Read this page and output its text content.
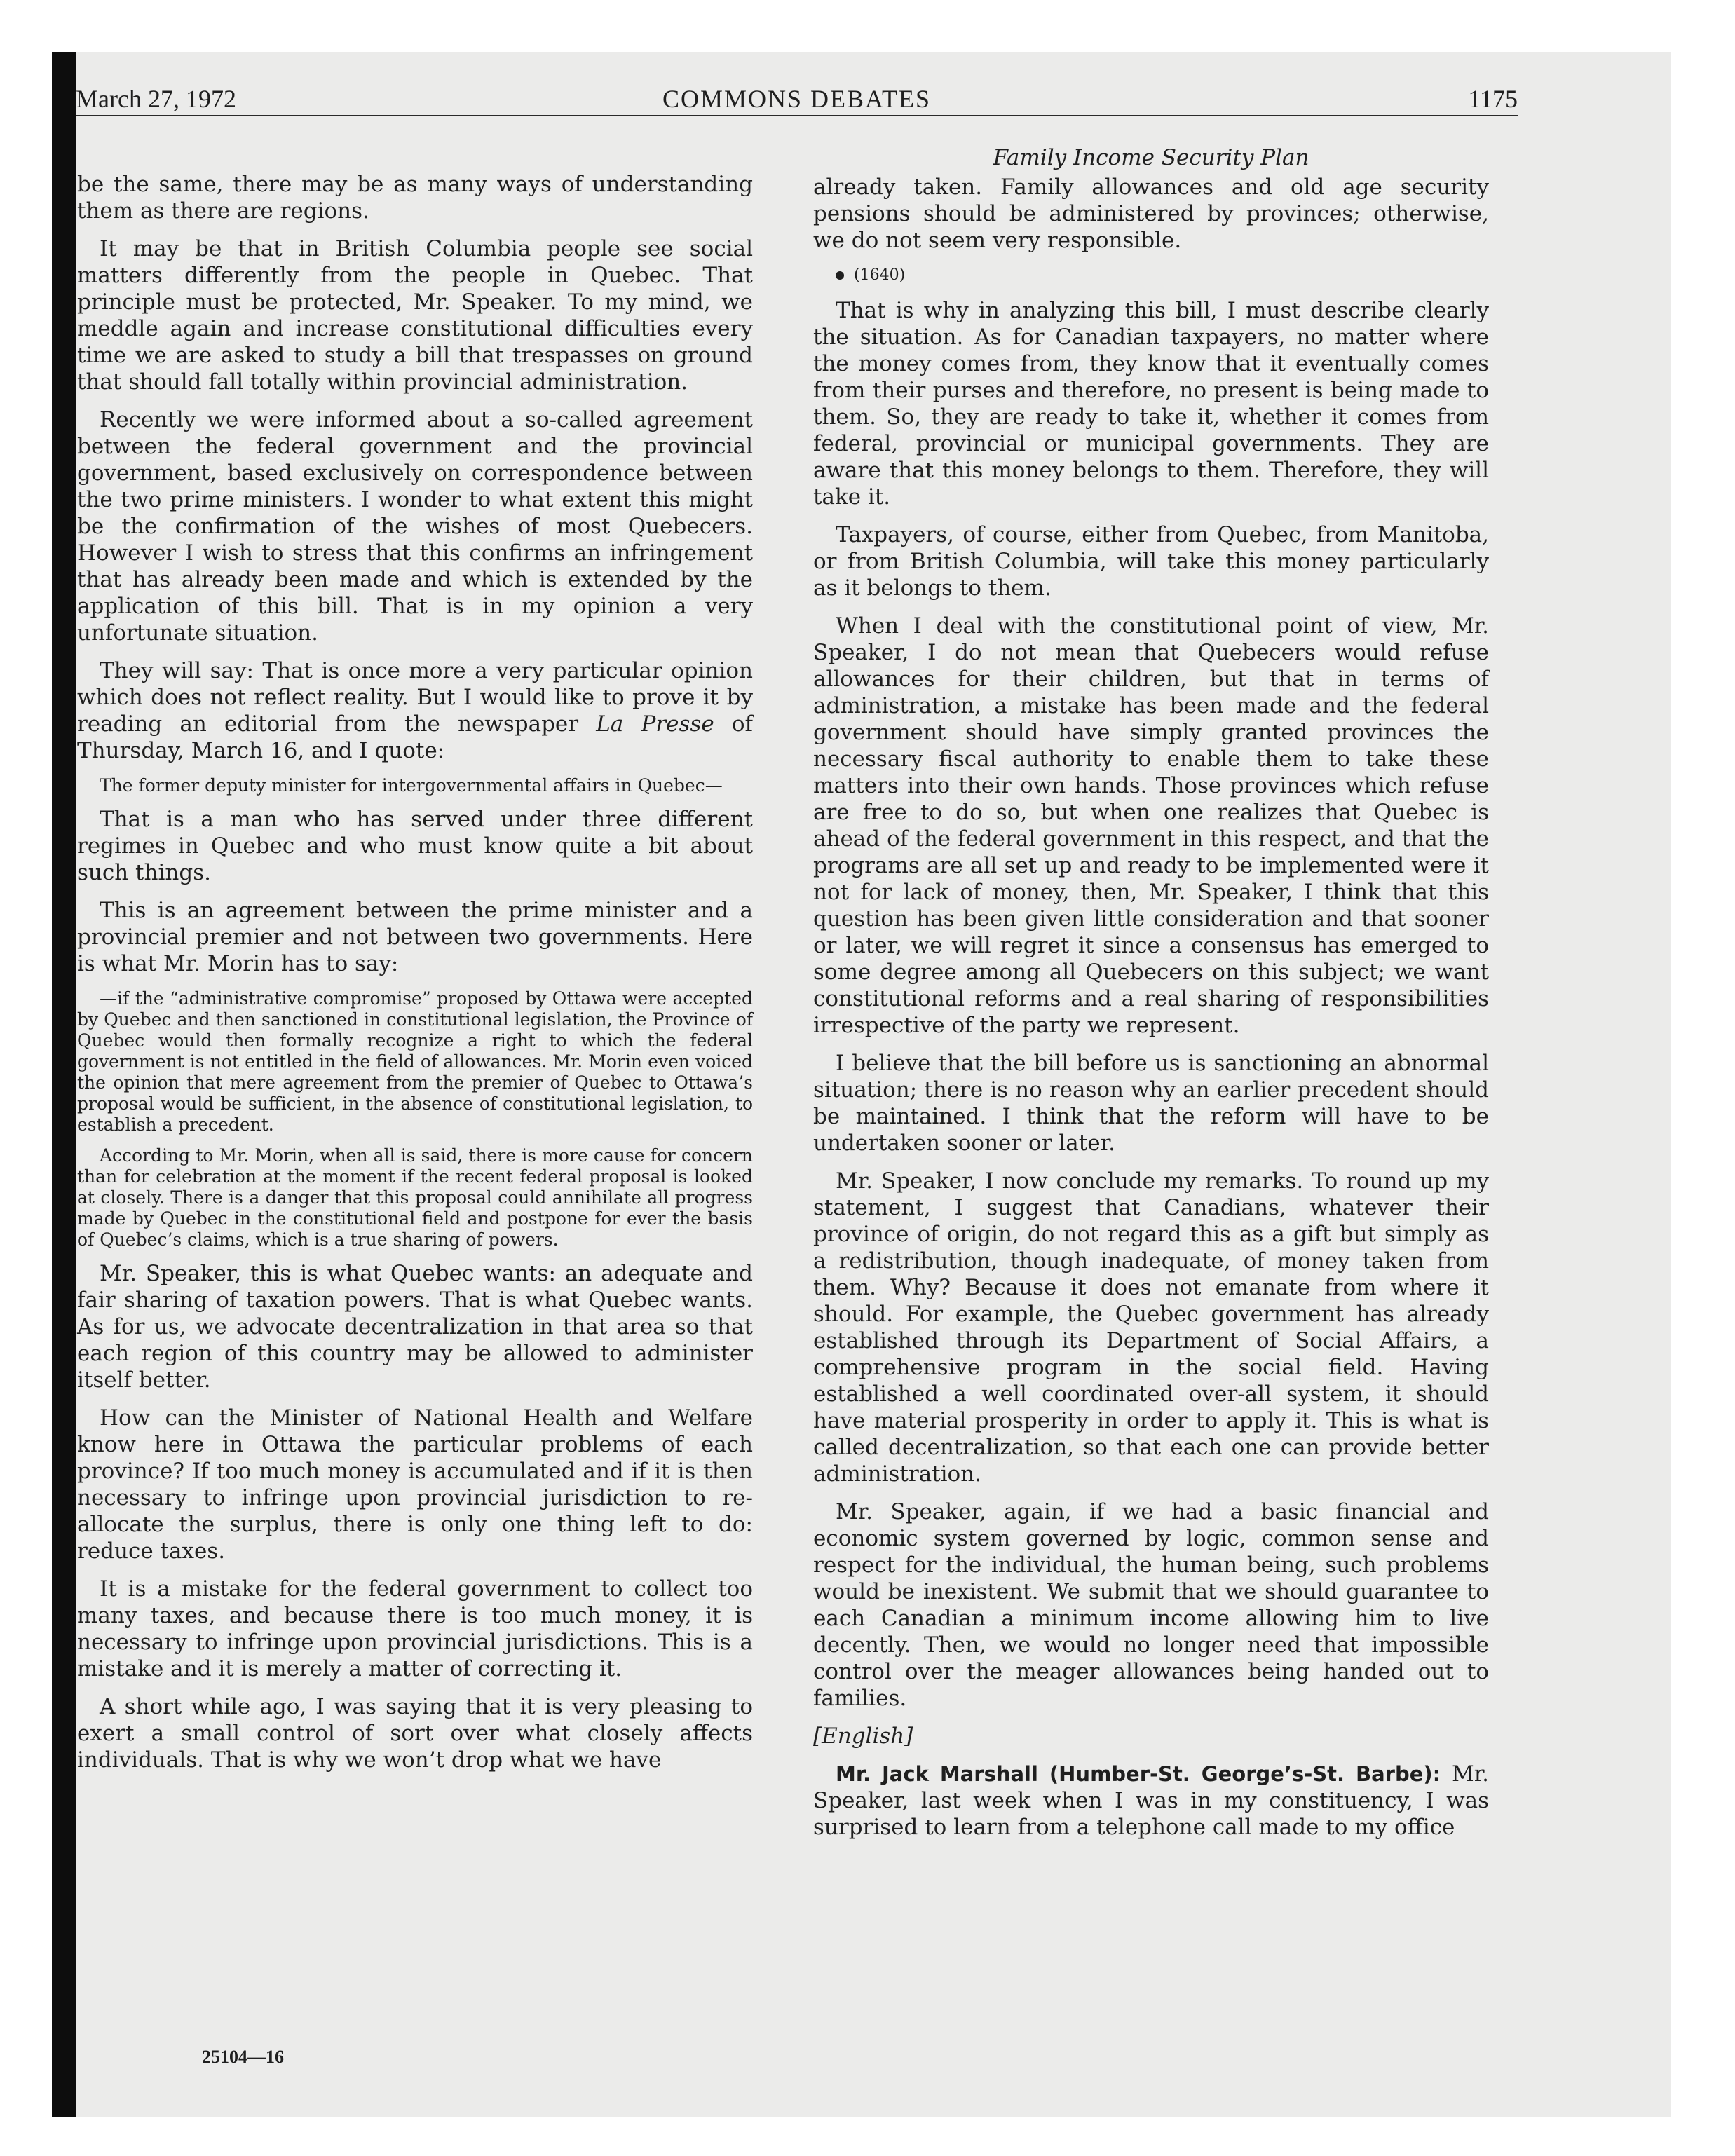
March 27, 1972	COMMONS DEBATES	1175

be the same, there may be as many ways of understanding them as there are regions.

It may be that in British Columbia people see social matters differently from the people in Quebec. That principle must be protected, Mr. Speaker. To my mind, we meddle again and increase constitutional difficulties every time we are asked to study a bill that trespasses on ground that should fall totally within provincial administration.

Recently we were informed about a so-called agreement between the federal government and the provincial government, based exclusively on correspondence between the two prime ministers. I wonder to what extent this might be the confirmation of the wishes of most Quebecers. However I wish to stress that this confirms an infringement that has already been made and which is extended by the application of this bill. That is in my opinion a very unfortunate situation.

They will say: That is once more a very particular opinion which does not reflect reality. But I would like to prove it by reading an editorial from the newspaper La Presse of Thursday, March 16, and I quote:

The former deputy minister for intergovernmental affairs in Quebec—

That is a man who has served under three different regimes in Quebec and who must know quite a bit about such things.

This is an agreement between the prime minister and a provincial premier and not between two governments. Here is what Mr. Morin has to say:

—if the “administrative compromise” proposed by Ottawa were accepted by Quebec and then sanctioned in constitutional legislation, the Province of Quebec would then formally recognize a right to which the federal government is not entitled in the field of allowances. Mr. Morin even voiced the opinion that mere agreement from the premier of Quebec to Ottawa’s proposal would be sufficient, in the absence of constitutional legislation, to establish a precedent.

According to Mr. Morin, when all is said, there is more cause for concern than for celebration at the moment if the recent federal proposal is looked at closely. There is a danger that this proposal could annihilate all progress made by Quebec in the constitutional field and postpone for ever the basis of Quebec’s claims, which is a true sharing of powers.

Mr. Speaker, this is what Quebec wants: an adequate and fair sharing of taxation powers. That is what Quebec wants. As for us, we advocate decentralization in that area so that each region of this country may be allowed to administer itself better.

How can the Minister of National Health and Welfare know here in Ottawa the particular problems of each province? If too much money is accumulated and if it is then necessary to infringe upon provincial jurisdiction to re-allocate the surplus, there is only one thing left to do: reduce taxes.

It is a mistake for the federal government to collect too many taxes, and because there is too much money, it is necessary to infringe upon provincial jurisdictions. This is a mistake and it is merely a matter of correcting it.

A short while ago, I was saying that it is very pleasing to exert a small control of sort over what closely affects individuals. That is why we won’t drop what we have

Family Income Security Plan

already taken. Family allowances and old age security pensions should be administered by provinces; otherwise, we do not seem very responsible.

(1640)

That is why in analyzing this bill, I must describe clearly the situation. As for Canadian taxpayers, no matter where the money comes from, they know that it eventually comes from their purses and therefore, no present is being made to them. So, they are ready to take it, whether it comes from federal, provincial or municipal governments. They are aware that this money belongs to them. Therefore, they will take it.

Taxpayers, of course, either from Quebec, from Manitoba, or from British Columbia, will take this money particularly as it belongs to them.

When I deal with the constitutional point of view, Mr. Speaker, I do not mean that Quebecers would refuse allowances for their children, but that in terms of administration, a mistake has been made and the federal government should have simply granted provinces the necessary fiscal authority to enable them to take these matters into their own hands. Those provinces which refuse are free to do so, but when one realizes that Quebec is ahead of the federal government in this respect, and that the programs are all set up and ready to be implemented were it not for lack of money, then, Mr. Speaker, I think that this question has been given little consideration and that sooner or later, we will regret it since a consensus has emerged to some degree among all Quebecers on this subject; we want constitutional reforms and a real sharing of responsibilities irrespective of the party we represent.

I believe that the bill before us is sanctioning an abnormal situation; there is no reason why an earlier precedent should be maintained. I think that the reform will have to be undertaken sooner or later.

Mr. Speaker, I now conclude my remarks. To round up my statement, I suggest that Canadians, whatever their province of origin, do not regard this as a gift but simply as a redistribution, though inadequate, of money taken from them. Why? Because it does not emanate from where it should. For example, the Quebec government has already established through its Department of Social Affairs, a comprehensive program in the social field. Having established a well coordinated over-all system, it should have material prosperity in order to apply it. This is what is called decentralization, so that each one can provide better administration.

Mr. Speaker, again, if we had a basic financial and economic system governed by logic, common sense and respect for the individual, the human being, such problems would be inexistent. We submit that we should guarantee to each Canadian a minimum income allowing him to live decently. Then, we would no longer need that impossible control over the meager allowances being handed out to families.

[English]

Mr. Jack Marshall (Humber-St. George’s-St. Barbe): Mr. Speaker, last week when I was in my constituency, I was surprised to learn from a telephone call made to my office

25104—16
